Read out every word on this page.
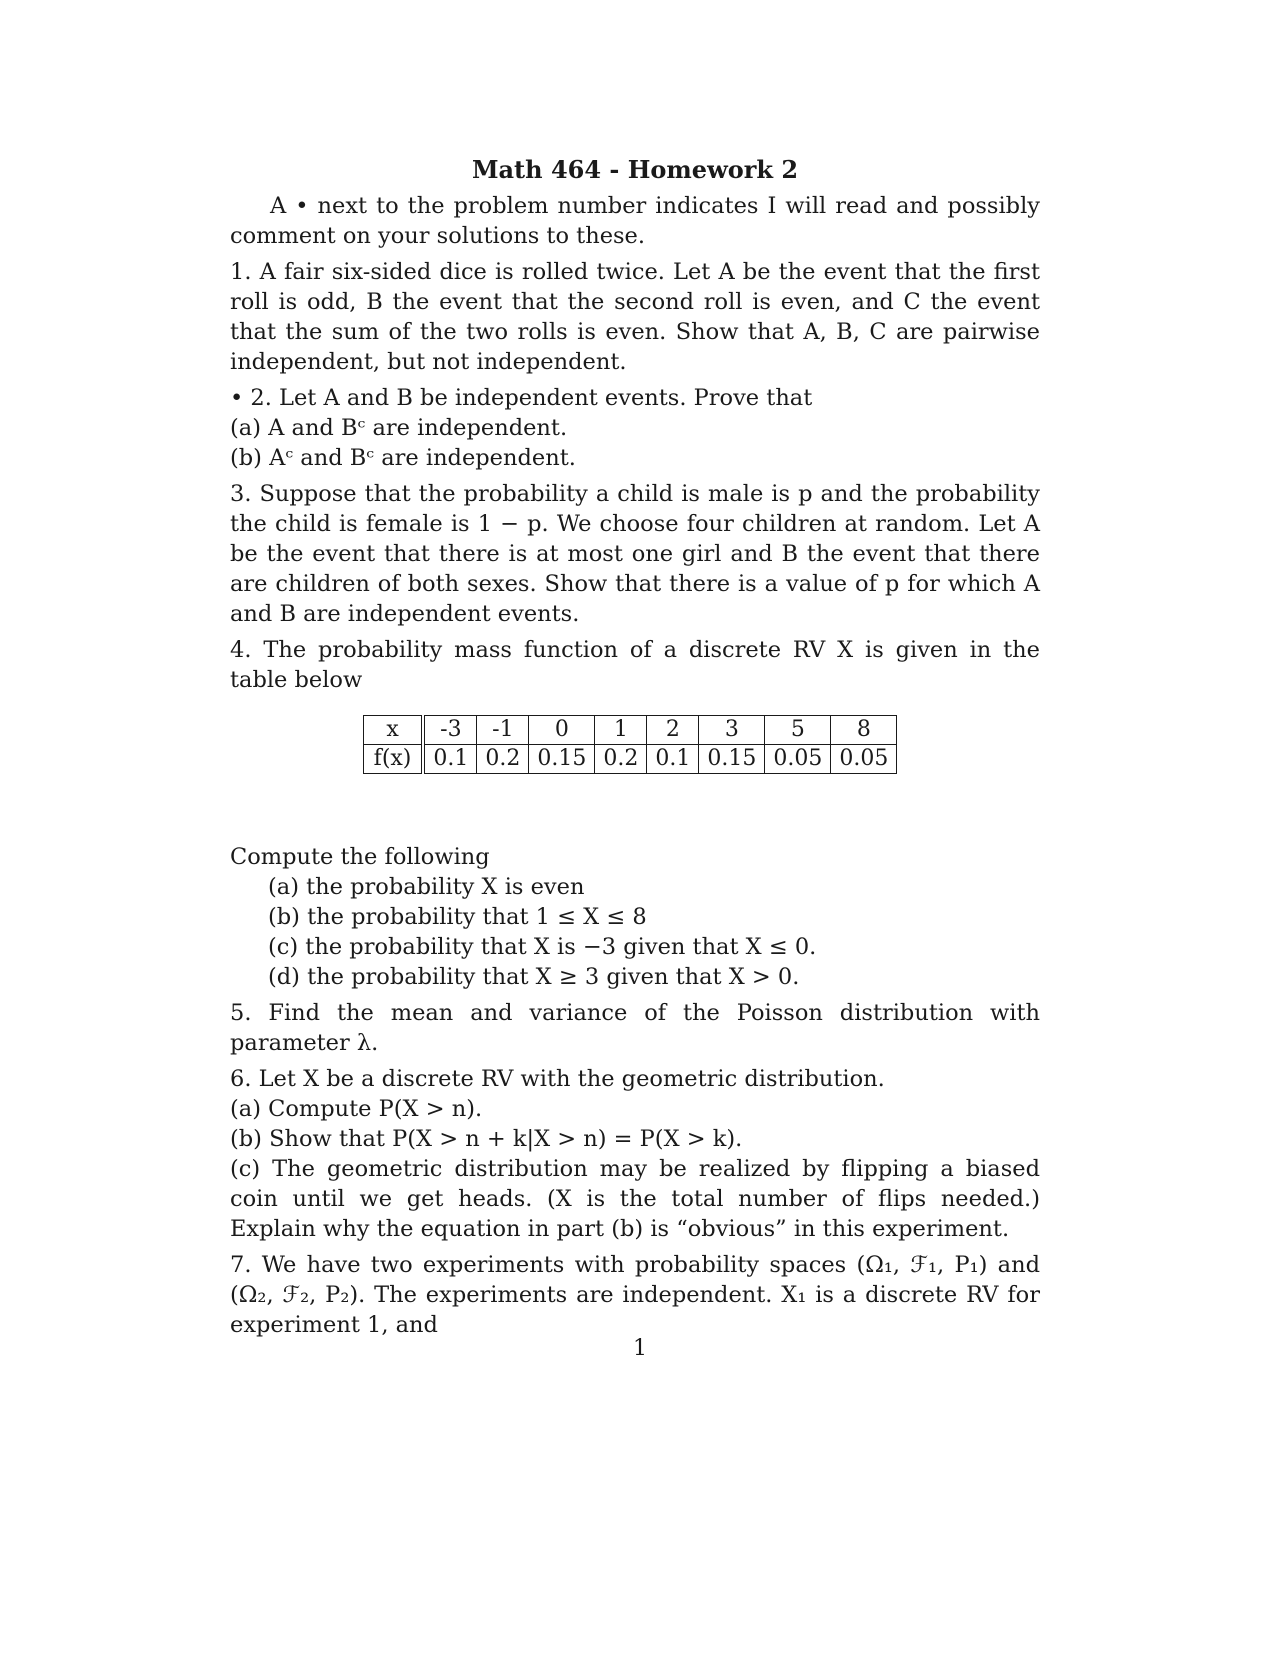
Math 464 - Homework 2

A • next to the problem number indicates I will read and possibly comment on your solutions to these.

1. A fair six-sided dice is rolled twice. Let A be the event that the first roll is odd, B the event that the second roll is even, and C the event that the sum of the two rolls is even. Show that A, B, C are pairwise independent, but not independent.

• 2. Let A and B be independent events. Prove that

(a) A and Bᶜ are independent.

(b) Aᶜ and Bᶜ are independent.

3. Suppose that the probability a child is male is p and the probability the child is female is 1 − p. We choose four children at random. Let A be the event that there is at most one girl and B the event that there are children of both sexes. Show that there is a value of p for which A and B are independent events.

4. The probability mass function of a discrete RV X is given in the table below

x	-3	-1	0	1	2	3	5	8
f(x)	0.1	0.2	0.15	0.2	0.1	0.15	0.05	0.05

Compute the following

(a) the probability X is even

(b) the probability that 1 ≤ X ≤ 8

(c) the probability that X is −3 given that X ≤ 0.

(d) the probability that X ≥ 3 given that X > 0.

5. Find the mean and variance of the Poisson distribution with parameter λ.

6. Let X be a discrete RV with the geometric distribution.

(a) Compute P(X > n).

(b) Show that P(X > n + k|X > n) = P(X > k).

(c) The geometric distribution may be realized by flipping a biased coin until we get heads. (X is the total number of flips needed.) Explain why the equation in part (b) is “obvious” in this experiment.

7. We have two experiments with probability spaces (Ω₁, ℱ₁, P₁) and (Ω₂, ℱ₂, P₂). The experiments are independent. X₁ is a discrete RV for experiment 1, and

1
